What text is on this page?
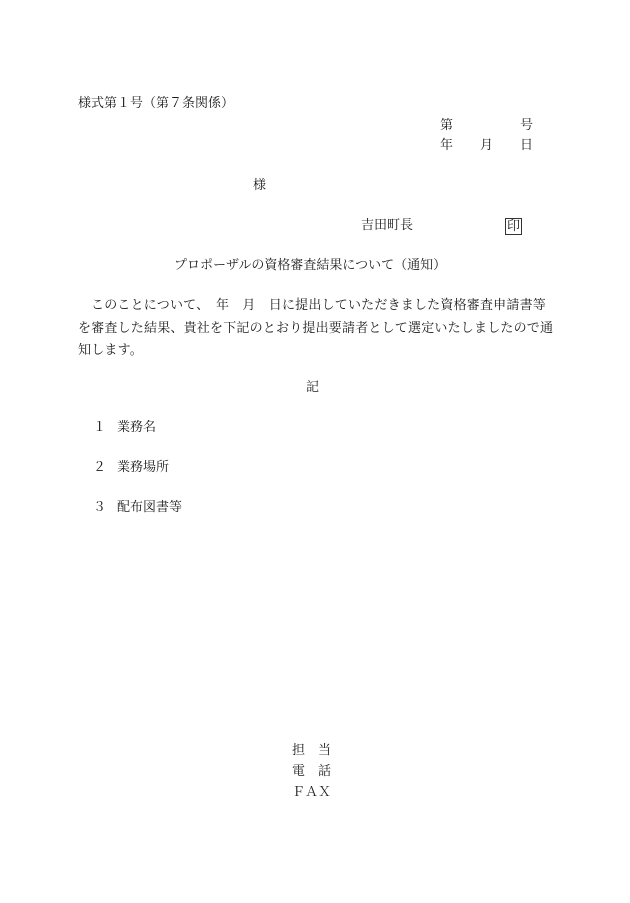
様式第１号（第７条関係）
第	号
年 月 日
様
吉田町長	印
プロポーザルの資格審査結果について（通知）
このことについて、　年　月　日に提出していただきました資格審査申請書等を審査した結果、貴社を下記のとおり提出要請者として選定いたしましたので通知します。
記
１ 業務名
２ 業務場所
３ 配布図書等
担　当
電　話
ＦＡＸ
